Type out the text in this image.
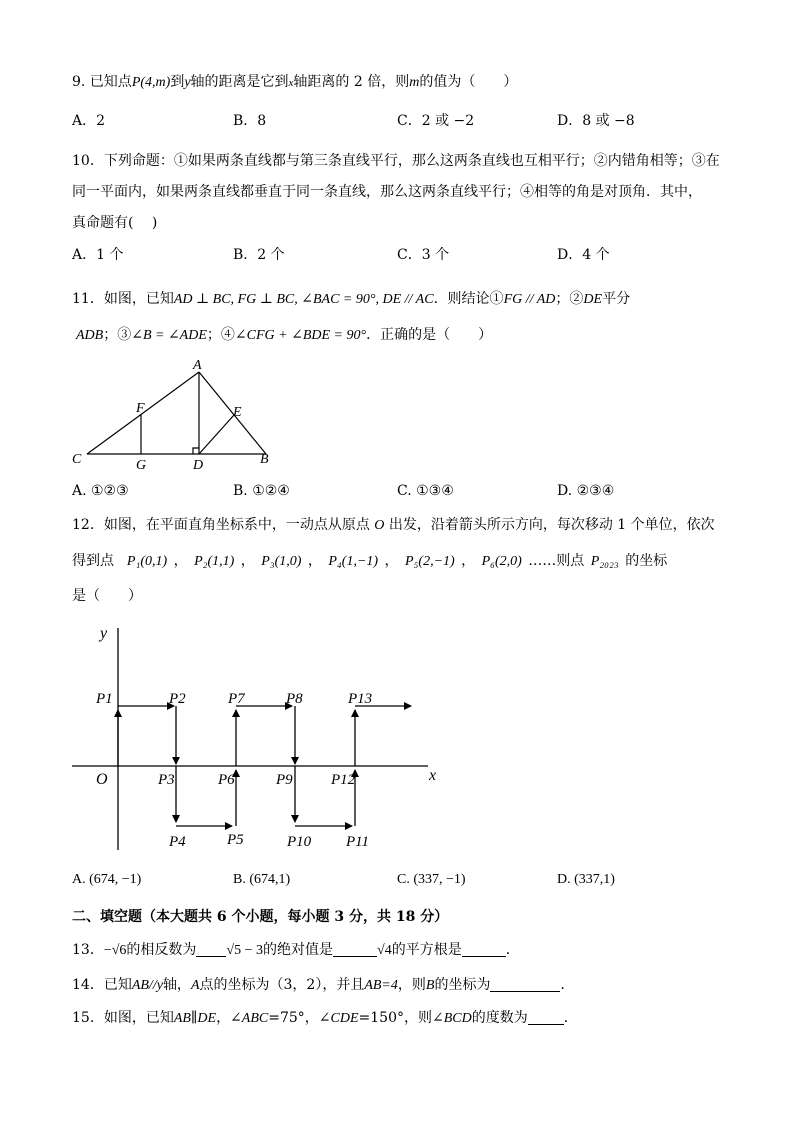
9. 已知点P(4,m)到y轴的距离是它到x轴距离的 2 倍，则m的值为（　　）
A．2	B．8	C．2 或 −2	D．8 或 −8
10．下列命题：①如果两条直线都与第三条直线平行，那么这两条直线也互相平行；②内错角相等；③在
同一平面内，如果两条直线都垂直于同一条直线，那么这两条直线平行；④相等的角是对顶角．其中，
真命题有(　 )
A．1 个	B．2 个	C．3 个	D．4 个
11．如图，已知AD ⊥ BC, FG ⊥ BC, ∠BAC = 90°, DE // AC．则结论①FG // AD；②DE平分
ADB；③∠B = ∠ADE；④∠CFG + ∠BDE = 90°．正确的是（　　）
A
B
C	D
E
F
G
A. ①②③	B. ①②④	C. ①③④	D. ②③④
12．如图，在平面直角坐标系中，一动点从原点 O 出发，沿着箭头所示方向，每次移动 1 个单位，依次
得到点 P₁(0,1) ， P₂(1,1) ， P₃(1,0) ， P₄(1,−1) ， P₅(2,−1) ， P₆(2,0) ……则点 P₂₀₂₃ 的坐标
是（　　）
x
y
O
P1	P2
P3
P4	P5
P6
P7	P8
P9
P10 P11
P12
P13
A. (674, −1)	B. (674,1)	C. (337, −1)	D. (337,1)
二、填空题（本大题共 6 个小题，每小题 3 分，共 18 分）
13．−√6的相反数为 √5 − 3的绝对值是	√4的平方根是	．
14．已知AB//y轴，A点的坐标为（3，2），并且AB=4，则B的坐标为	．
15．如图，已知AB∥DE，∠ABC=75°，∠CDE=150°，则∠BCD的度数为	．
